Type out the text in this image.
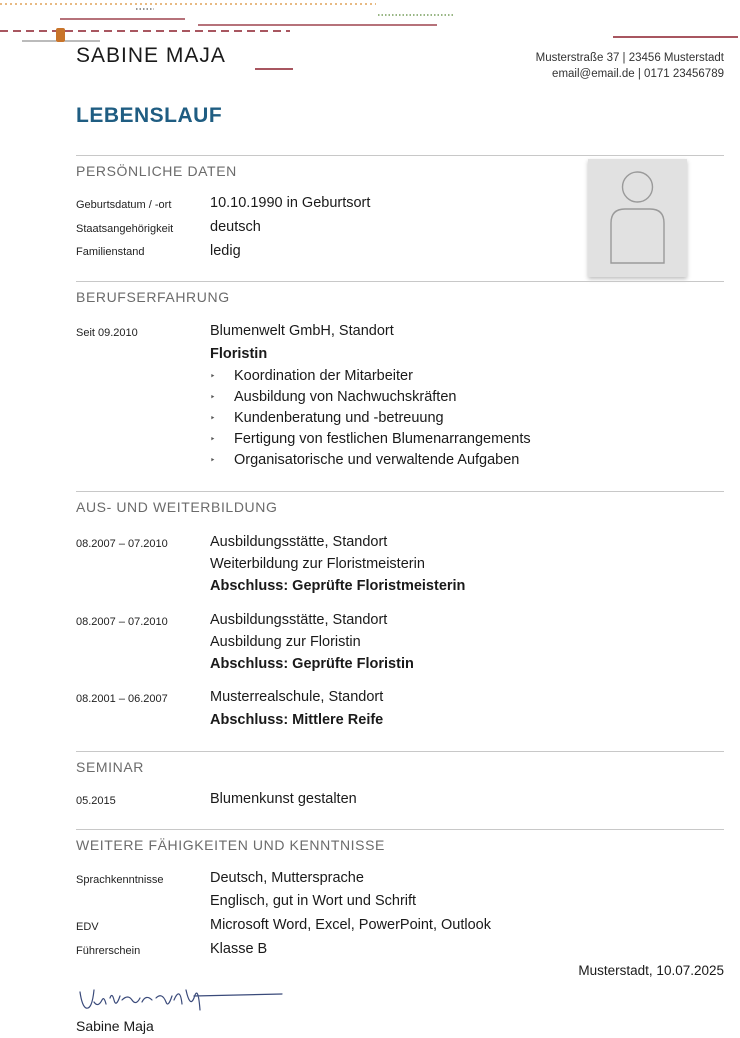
SABINE MAJA	Musterstraße 37 | 23456 Musterstadt
email@email.de | 0171 23456789
LEBENSLAUF
PERSÖNLICHE DATEN
Geburtsdatum / -ort	10.10.1990 in Geburtsort
Staatsangehörigkeit	deutsch
Familienstand	ledig
BERUFSERFAHRUNG
Seit 09.2010	Blumenwelt GmbH, Standort
Floristin
‣ Koordination der Mitarbeiter
‣ Ausbildung von Nachwuchskräften
‣ Kundenberatung und -betreuung
‣ Fertigung von festlichen Blumenarrangements
‣ Organisatorische und verwaltende Aufgaben
AUS- UND WEITERBILDUNG
08.2007 – 07.2010	Ausbildungsstätte, Standort
Weiterbildung zur Floristmeisterin
Abschluss: Geprüfte Floristmeisterin
08.2007 – 07.2010	Ausbildungsstätte, Standort
Ausbildung zur Floristin
Abschluss: Geprüfte Floristin
08.2001 – 06.2007	Musterrealschule, Standort
Abschluss: Mittlere Reife
SEMINAR
05.2015	Blumenkunst gestalten
WEITERE FÄHIGKEITEN UND KENNTNISSE
Sprachkenntnisse	Deutsch, Muttersprache
Englisch, gut in Wort und Schrift
EDV	Microsoft Word, Excel, PowerPoint, Outlook
Führerschein	Klasse B
Musterstadt, 10.07.2025
Sabine Maja
